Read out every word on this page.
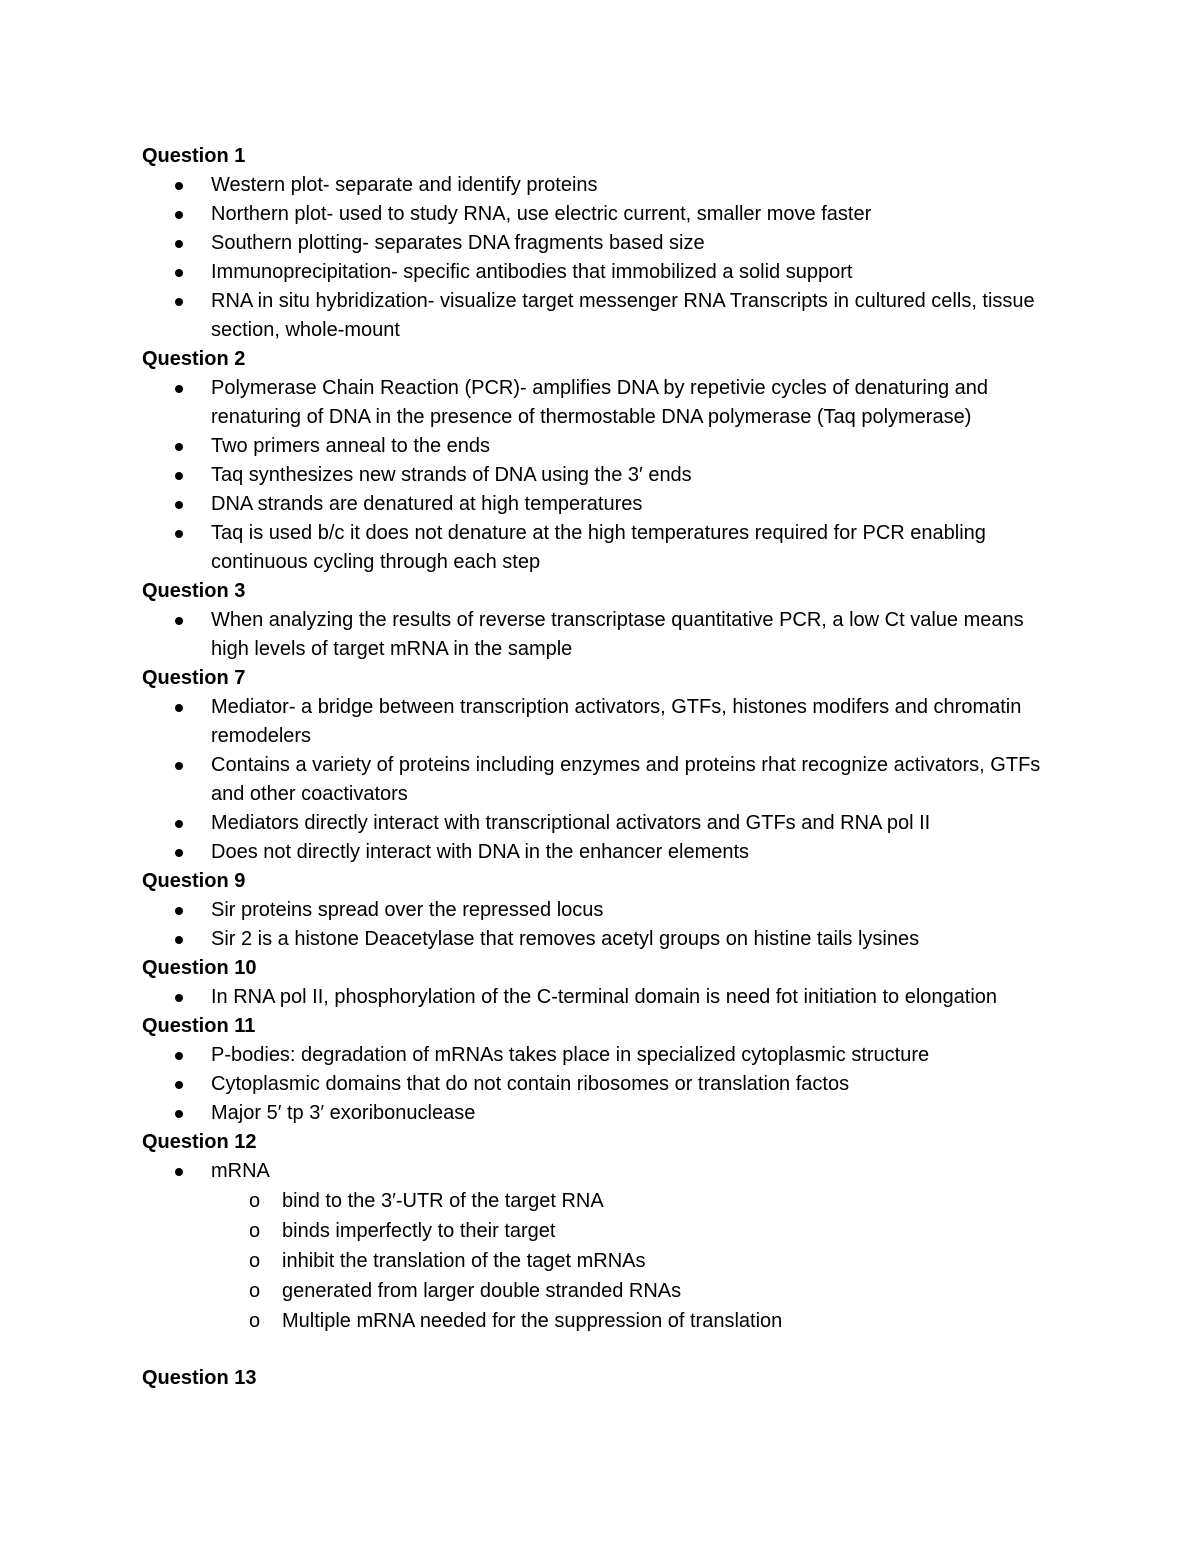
Question 1
Western plot- separate and identify proteins
Northern plot- used to study RNA, use electric current, smaller move faster
Southern plotting- separates DNA fragments based size
Immunoprecipitation- specific antibodies that immobilized a solid support
RNA in situ hybridization- visualize target messenger RNA Transcripts in cultured cells, tissue section, whole-mount
Question 2
Polymerase Chain Reaction (PCR)- amplifies DNA by repetivie cycles of denaturing and renaturing of DNA in the presence of thermostable DNA polymerase (Taq polymerase)
Two primers anneal to the ends
Taq synthesizes new strands of DNA using the 3′ ends
DNA strands are denatured at high temperatures
Taq is used b/c it does not denature at the high temperatures required for PCR enabling continuous cycling through each step
Question 3
When analyzing the results of reverse transcriptase quantitative PCR, a low Ct value means high levels of target mRNA in the sample
Question 7
Mediator- a bridge between transcription activators, GTFs, histones modifers and chromatin remodelers
Contains a variety of proteins including enzymes and proteins rhat recognize activators, GTFs and other coactivators
Mediators directly interact with transcriptional activators and GTFs and RNA pol II
Does not directly interact with DNA in the enhancer elements
Question 9
Sir proteins spread over the repressed locus
Sir 2 is a histone Deacetylase that removes acetyl groups on histine tails lysines
Question 10
In RNA pol II, phosphorylation of the C-terminal domain is need fot initiation to elongation
Question 11
P-bodies: degradation of mRNAs takes place in specialized cytoplasmic structure
Cytoplasmic domains that do not contain ribosomes or translation factos
Major 5′ tp 3′ exoribonuclease
Question 12
mRNA
o bind to the 3′-UTR of the target RNA
o binds imperfectly to their target
o inhibit the translation of the taget mRNAs
o generated from larger double stranded RNAs
o Multiple mRNA needed for the suppression of translation
Question 13
